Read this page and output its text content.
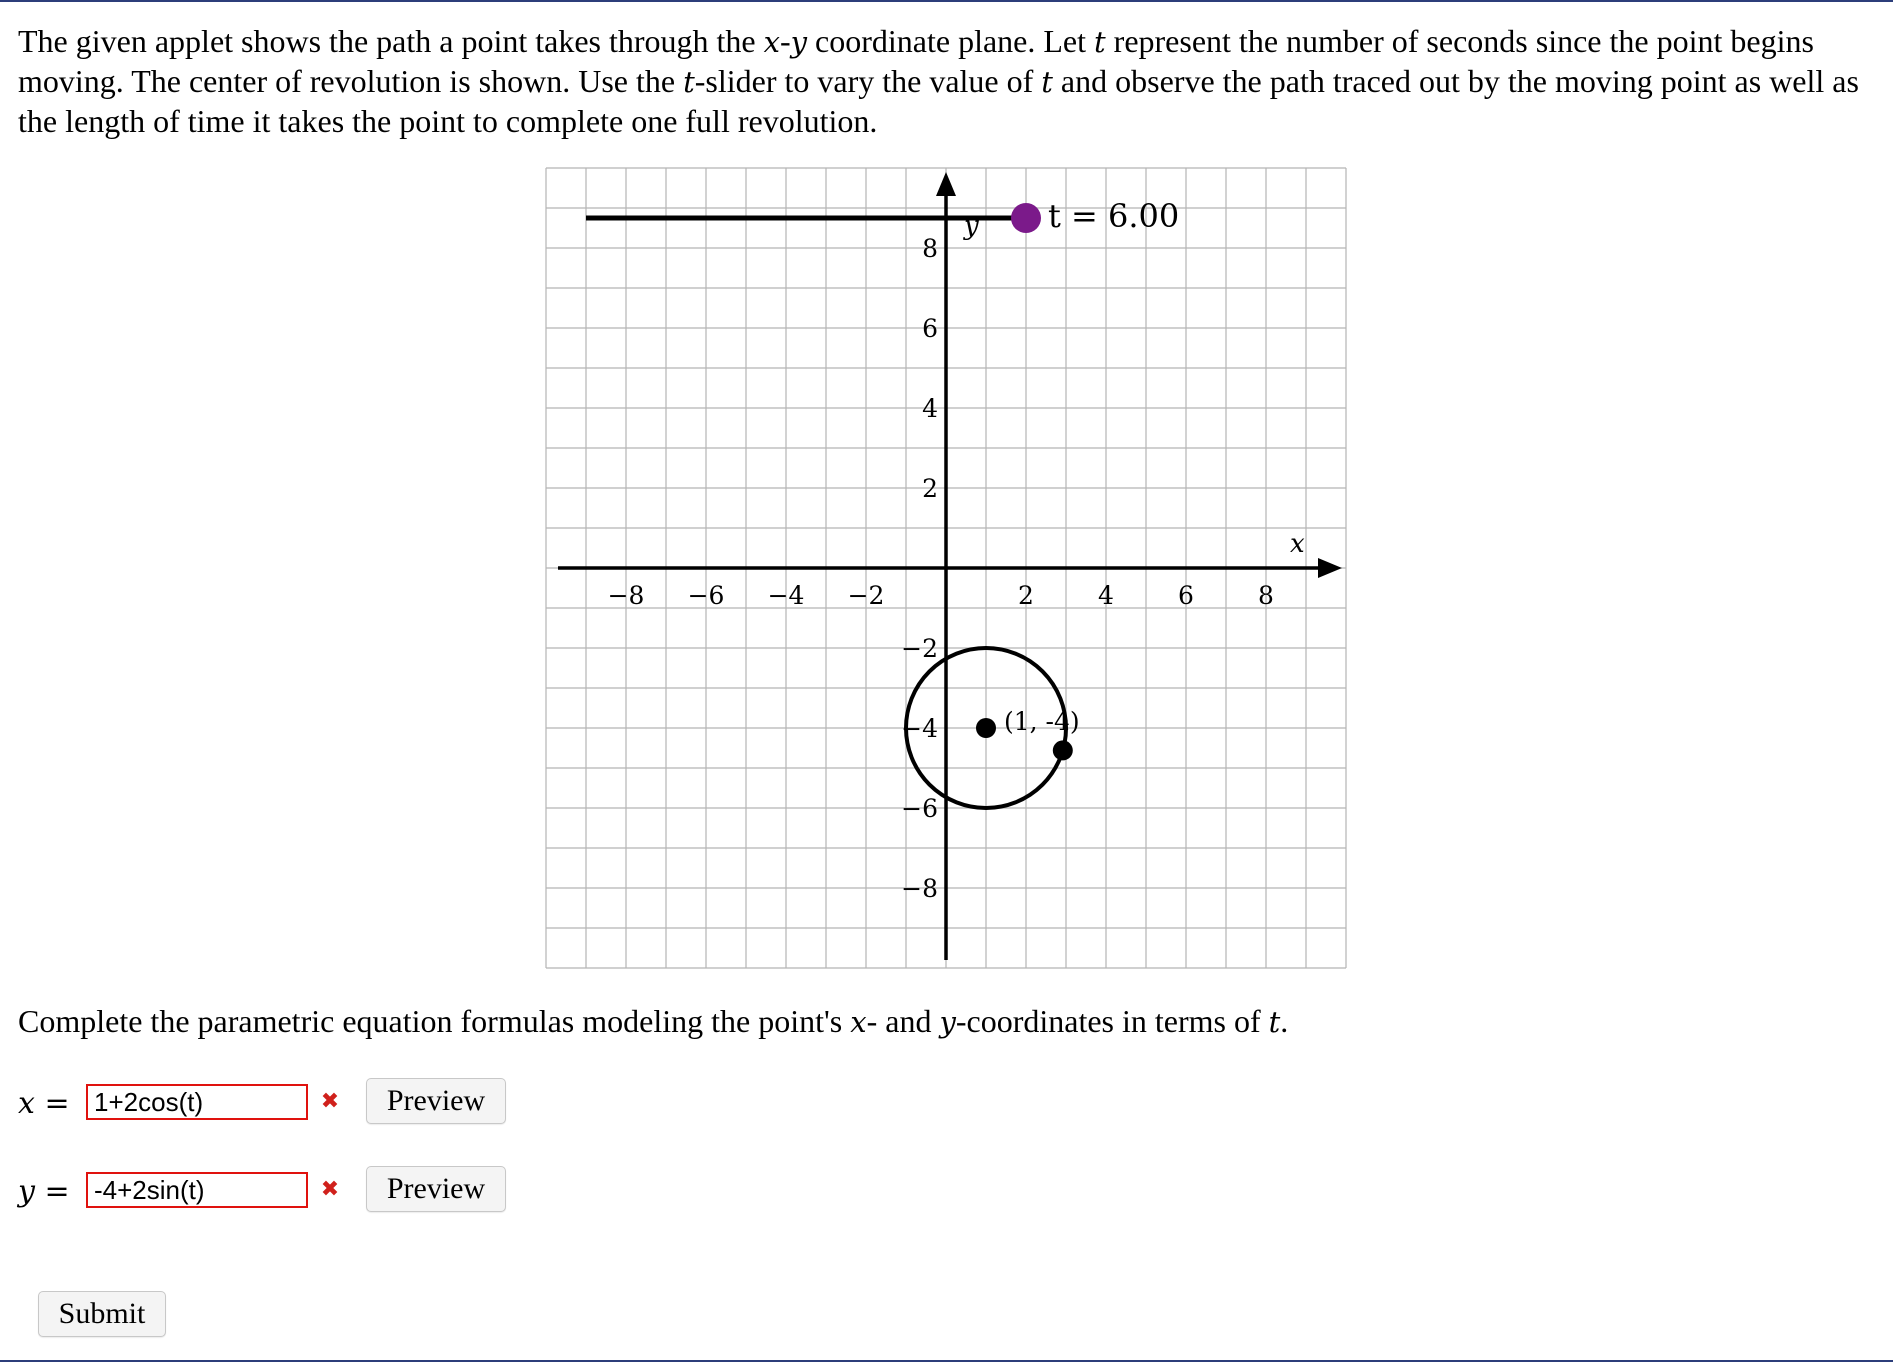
The given applet shows the path a point takes through the x-y coordinate plane. Let t represent the number of seconds since the point begins moving. The center of revolution is shown. Use the t-slider to vary the value of t and observe the path traced out by the moving point as well as the length of time it takes the point to complete one full revolution.

−8 −6 −4 −2	2	4	6	8
8
6
4
2
−2
−4
−6
−8
x
y t = 6.00
(1, -4)

Complete the parametric equation formulas modeling the point's x- and y-coordinates in terms of t.

x =
1+2cos(t)	✖	Preview
y =
-4+2sin(t)	✖	Preview
Submit
